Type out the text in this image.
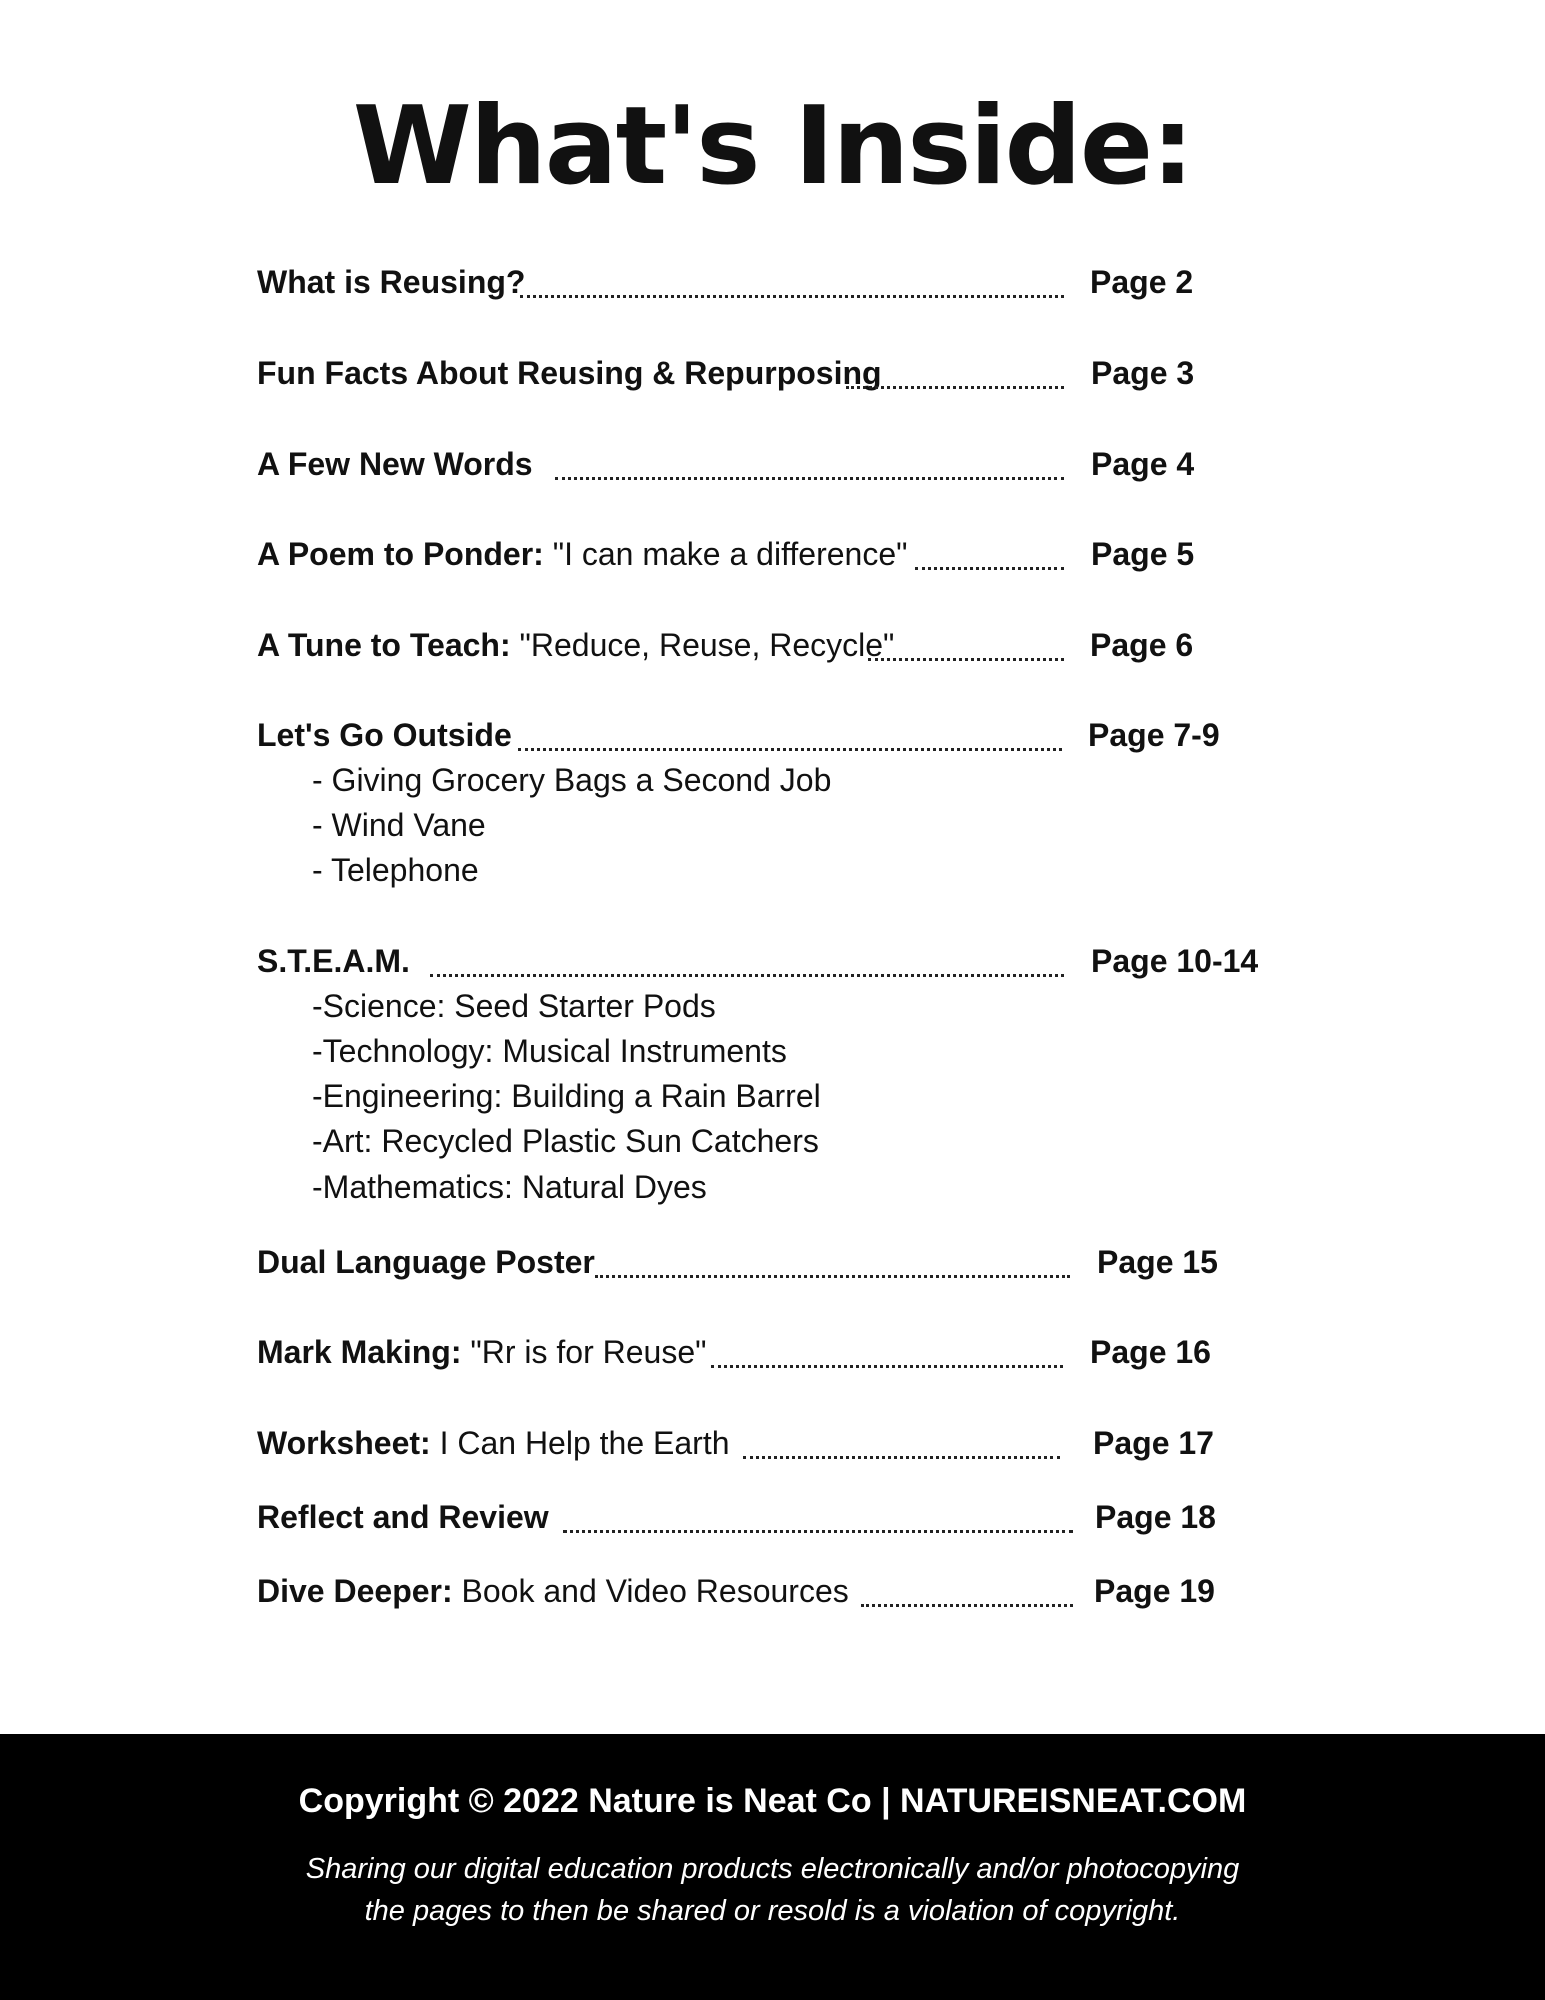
What's Inside:
What is Reusing?	Page 2
Fun Facts About Reusing & Repurposing	Page 3
A Few New Words	Page 4
A Poem to Ponder: "I can make a difference"	Page 5
A Tune to Teach: "Reduce, Reuse, Recycle"	Page 6
Let's Go Outside	Page 7-9
- Giving Grocery Bags a Second Job
- Wind Vane
- Telephone
S.T.E.A.M.	Page 10-14
-Science: Seed Starter Pods
-Technology: Musical Instruments
-Engineering: Building a Rain Barrel
-Art: Recycled Plastic Sun Catchers
-Mathematics: Natural Dyes
Dual Language Poster	Page 15
Mark Making: "Rr is for Reuse"	Page 16
Worksheet: I Can Help the Earth	Page 17
Reflect and Review	Page 18
Dive Deeper: Book and Video Resources	Page 19
Copyright © 2022 Nature is Neat Co | NATUREISNEAT.COM
Sharing our digital education products electronically and/or photocopying
the pages to then be shared or resold is a violation of copyright.
